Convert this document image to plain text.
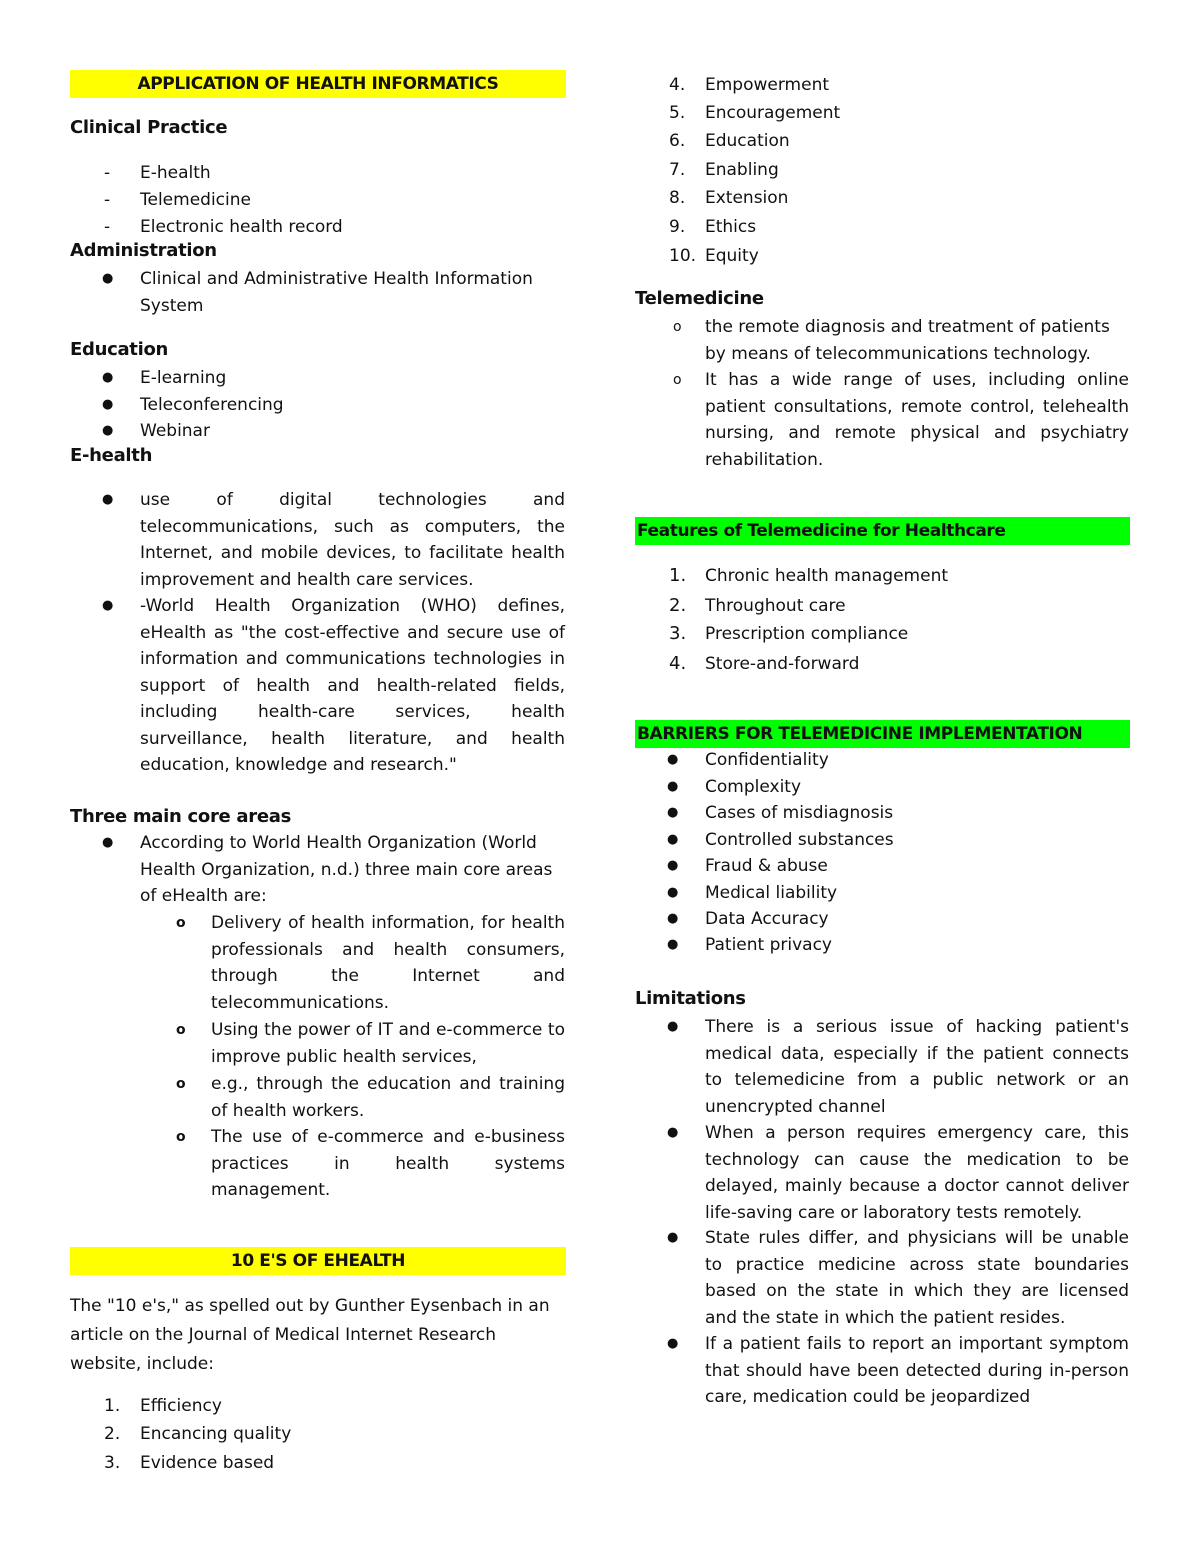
APPLICATION OF HEALTH INFORMATICS
Clinical Practice
- E-health
- Telemedicine
- Electronic health record
Administration
● Clinical and Administrative Health Information System
Education
● E-learning
● Teleconferencing
● Webinar
E-health
● use of digital technologies and telecommunications, such as computers, the Internet, and mobile devices, to facilitate health improvement and health care services.
● -World Health Organization (WHO) defines, eHealth as "the cost-effective and secure use of information and communications technologies in support of health and health-related fields, including health-care services, health surveillance, health literature, and health education, knowledge and research."
Three main core areas
● According to World Health Organization (World Health Organization, n.d.) three main core areas of eHealth are:
o Delivery of health information, for health professionals and health consumers, through the Internet and telecommunications.
o Using the power of IT and e-commerce to improve public health services,
o e.g., through the education and training of health workers.
o The use of e-commerce and e-business practices in health systems management.
10 E'S OF EHEALTH
The "10 e's," as spelled out by Gunther Eysenbach in an article on the Journal of Medical Internet Research website, include:
1.	Efficiency
2.	Encancing quality
3.	Evidence based
4.	Empowerment
5.	Encouragement
6.	Education
7.	Enabling
8.	Extension
9.	Ethics
10. Equity
Telemedicine
o the remote diagnosis and treatment of patients by means of telecommunications technology.
o It has a wide range of uses, including online patient consultations, remote control, telehealth nursing, and remote physical and psychiatry rehabilitation.
Features of Telemedicine for Healthcare
1.	Chronic health management
2.	Throughout care
3.	Prescription compliance
4.	Store-and-forward
BARRIERS FOR TELEMEDICINE IMPLEMENTATION
● Confidentiality
● Complexity
● Cases of misdiagnosis
● Controlled substances
● Fraud & abuse
● Medical liability
● Data Accuracy
● Patient privacy
Limitations
● There is a serious issue of hacking patient's medical data, especially if the patient connects to telemedicine from a public network or an unencrypted channel
● When a person requires emergency care, this technology can cause the medication to be delayed, mainly because a doctor cannot deliver life-saving care or laboratory tests remotely.
● State rules differ, and physicians will be unable to practice medicine across state boundaries based on the state in which they are licensed and the state in which the patient resides.
● If a patient fails to report an important symptom that should have been detected during in-person care, medication could be jeopardized
